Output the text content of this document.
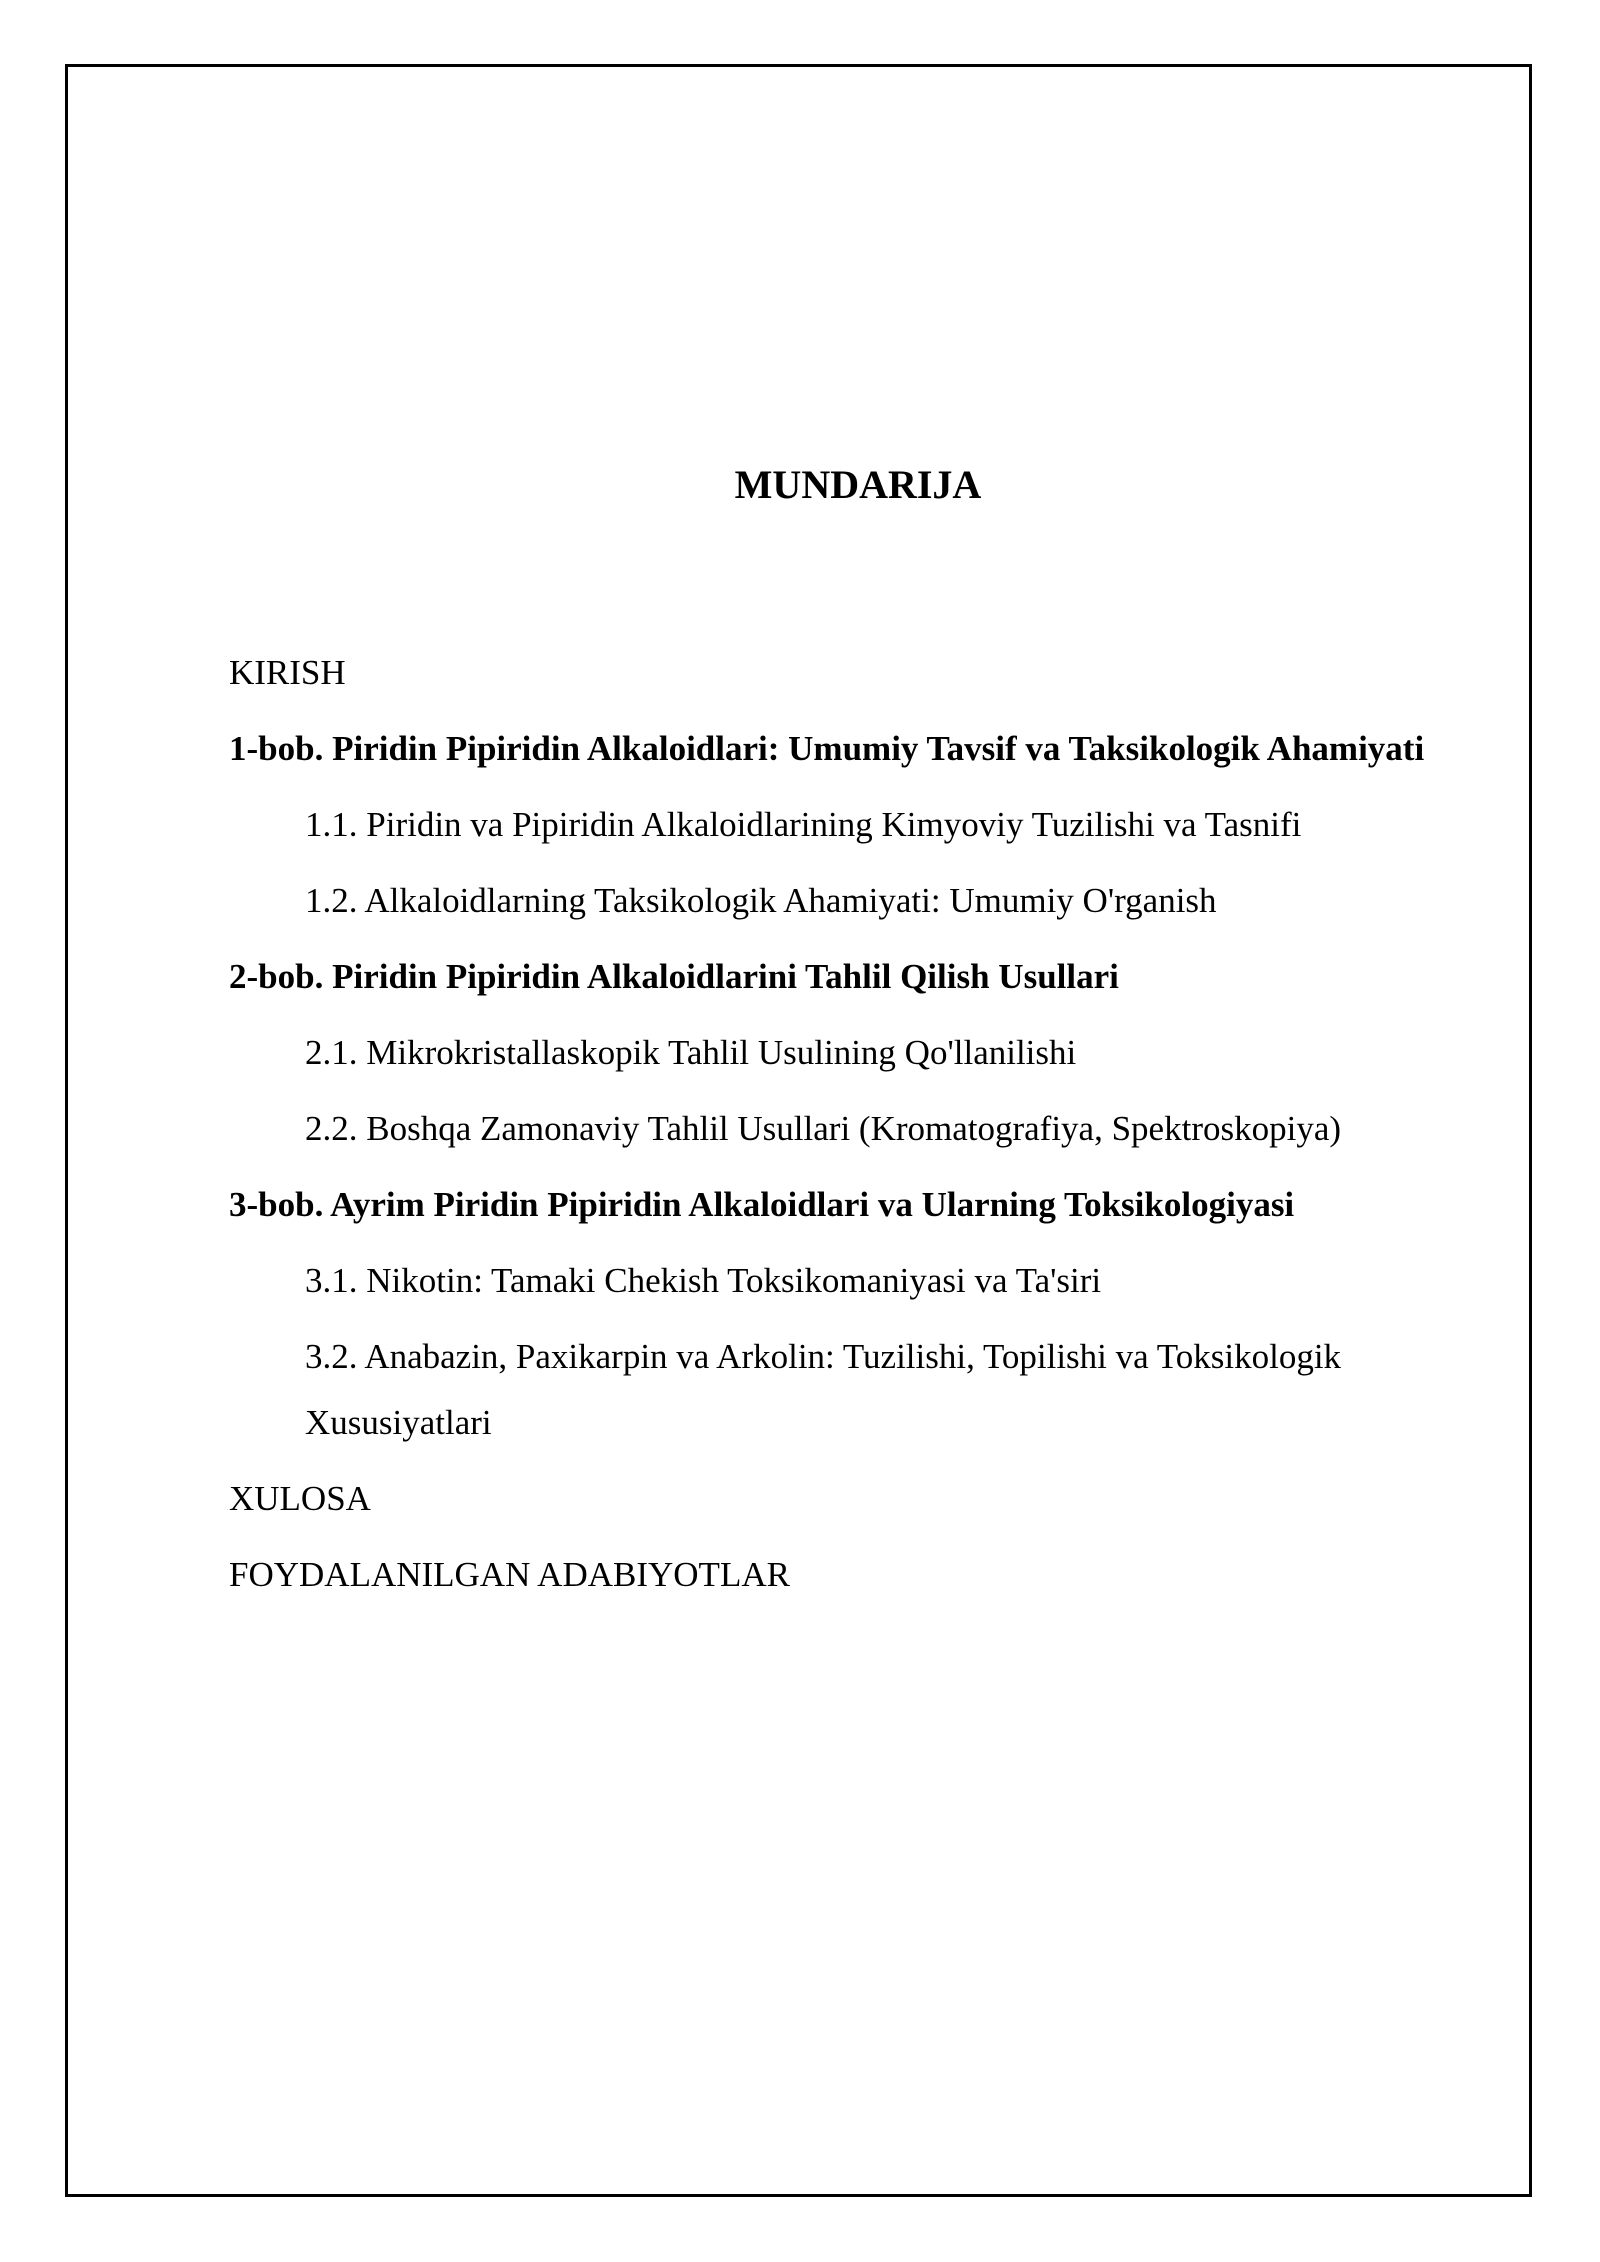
MUNDARIJA
KIRISH
1-bob. Piridin Pipiridin Alkaloidlari: Umumiy Tavsif va Taksikologik Ahamiyati
1.1. Piridin va Pipiridin Alkaloidlarining Kimyoviy Tuzilishi va Tasnifi
1.2. Alkaloidlarning Taksikologik Ahamiyati: Umumiy O'rganish
2-bob. Piridin Pipiridin Alkaloidlarini Tahlil Qilish Usullari
2.1. Mikrokristallaskopik Tahlil Usulining Qo'llanilishi
2.2. Boshqa Zamonaviy Tahlil Usullari (Kromatografiya, Spektroskopiya)
3-bob. Ayrim Piridin Pipiridin Alkaloidlari va Ularning Toksikologiyasi
3.1. Nikotin: Tamaki Chekish Toksikomaniyasi va Ta'siri
3.2. Anabazin, Paxikarpin va Arkolin: Tuzilishi, Topilishi va Toksikologik Xususiyatlari
XULOSA
FOYDALANILGAN ADABIYOTLAR
